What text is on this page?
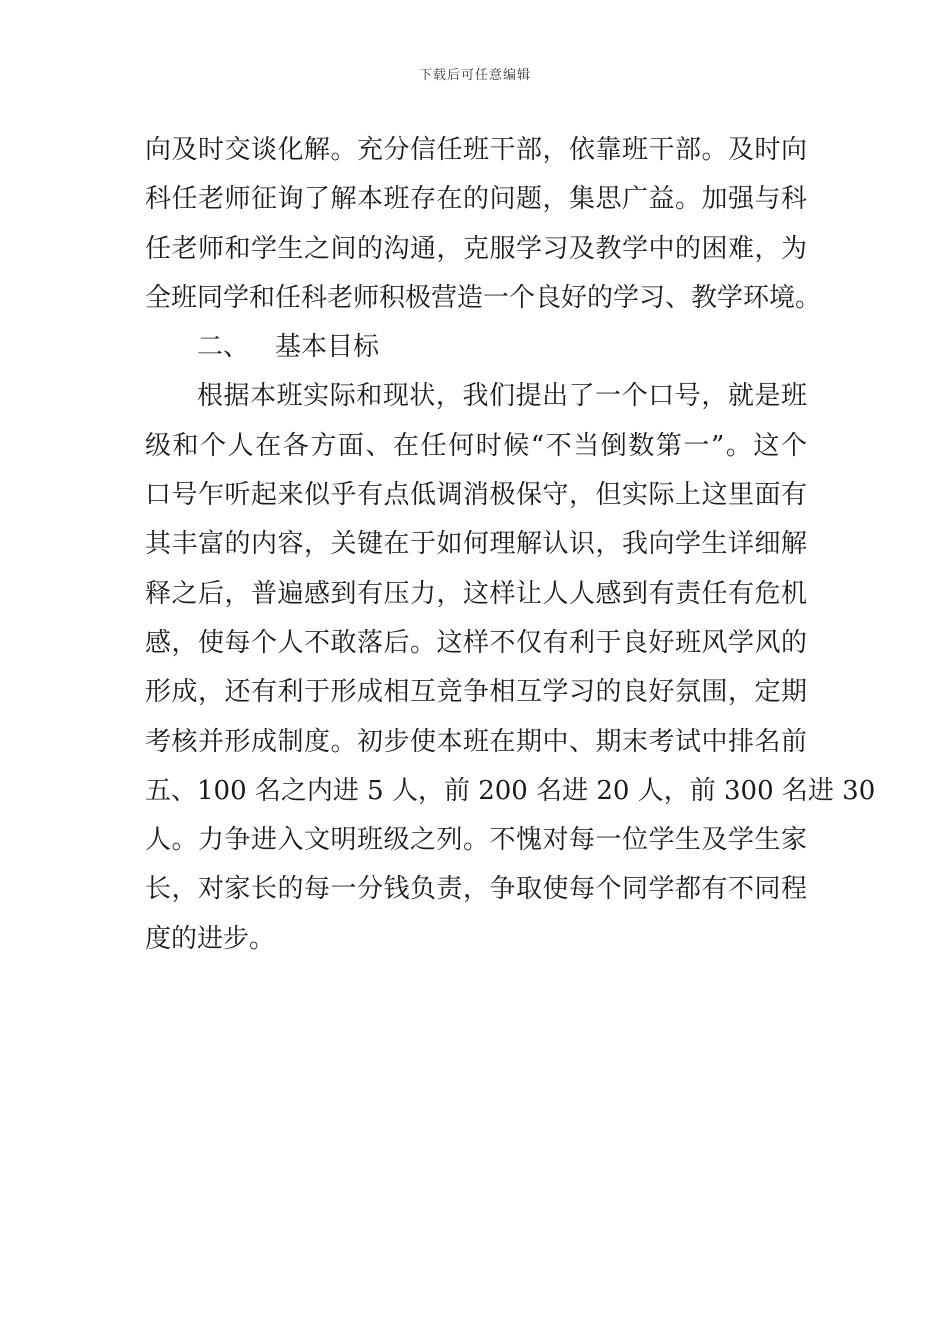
下载后可任意编辑
向及时交谈化解。充分信任班干部，依靠班干部。及时向
科任老师征询了解本班存在的问题，集思广益。加强与科
任老师和学生之间的沟通，克服学习及教学中的困难，为
全班同学和任科老师积极营造一个良好的学习、教学环境。
二、 基本目标
根据本班实际和现状，我们提出了一个口号，就是班
级和个人在各方面、在任何时候“不当倒数第一”。这个
口号乍听起来似乎有点低调消极保守，但实际上这里面有
其丰富的内容，关键在于如何理解认识，我向学生详细解
释之后，普遍感到有压力，这样让人人感到有责任有危机
感，使每个人不敢落后。这样不仅有利于良好班风学风的
形成，还有利于形成相互竞争相互学习的良好氛围，定期
考核并形成制度。初步使本班在期中、期末考试中排名前
五、100 名之内进 5 人，前 200 名进 20 人，前 300 名进 30
人。力争进入文明班级之列。不愧对每一位学生及学生家
长，对家长的每一分钱负责，争取使每个同学都有不同程
度的进步。
